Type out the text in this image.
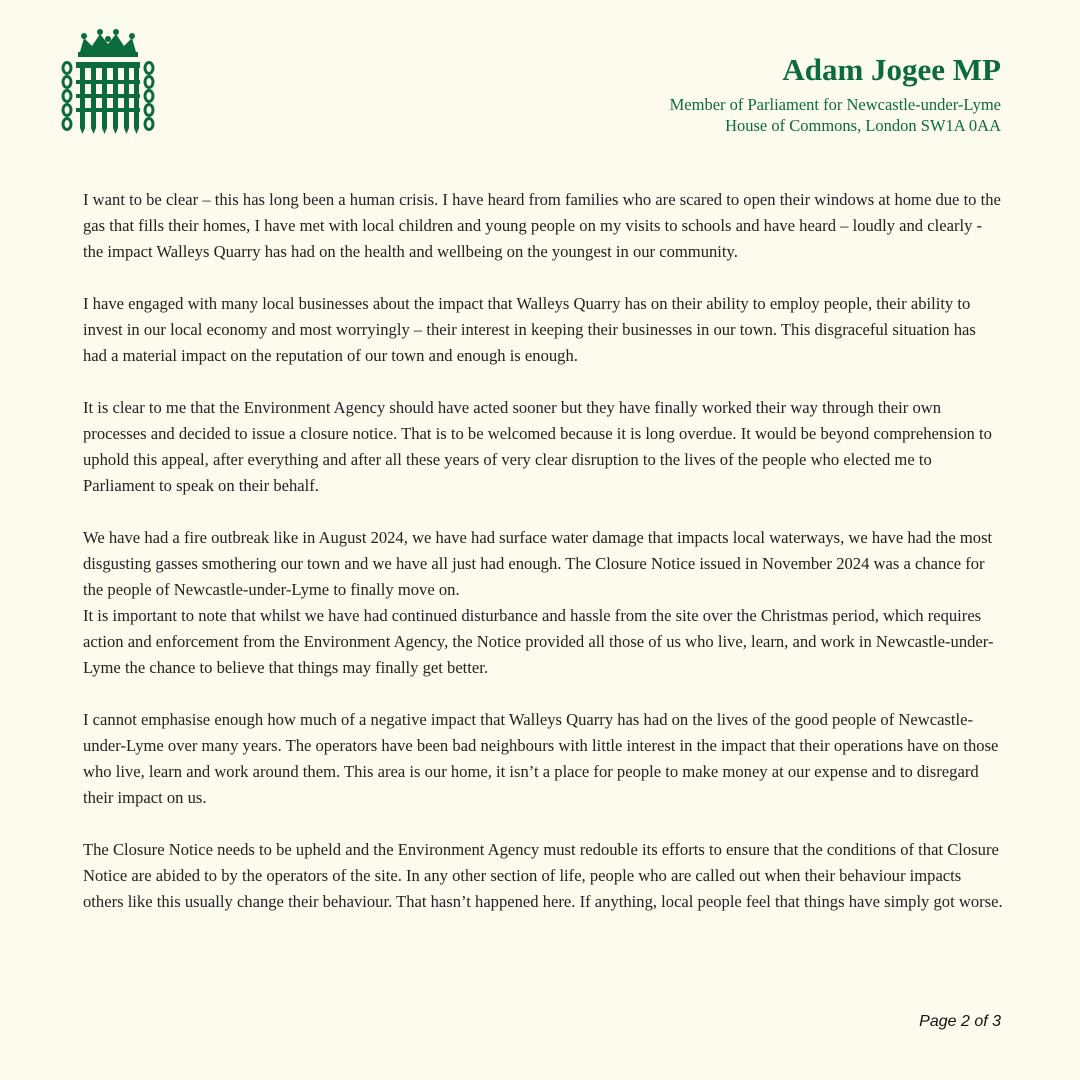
Adam Jogee MP
Member of Parliament for Newcastle-under-Lyme
House of Commons, London SW1A 0AA

I want to be clear – this has long been a human crisis. I have heard from families who are scared to open their windows at home due to the gas that fills their homes, I have met with local children and young people on my visits to schools and have heard – loudly and clearly - the impact Walleys Quarry has had on the health and wellbeing on the youngest in our community.

I have engaged with many local businesses about the impact that Walleys Quarry has on their ability to employ people, their ability to invest in our local economy and most worryingly – their interest in keeping their businesses in our town. This disgraceful situation has had a material impact on the reputation of our town and enough is enough.

It is clear to me that the Environment Agency should have acted sooner but they have finally worked their way through their own processes and decided to issue a closure notice. That is to be welcomed because it is long overdue. It would be beyond comprehension to uphold this appeal, after everything and after all these years of very clear disruption to the lives of the people who elected me to Parliament to speak on their behalf.

We have had a fire outbreak like in August 2024, we have had surface water damage that impacts local waterways, we have had the most disgusting gasses smothering our town and we have all just had enough. The Closure Notice issued in November 2024 was a chance for the people of Newcastle-under-Lyme to finally move on.

It is important to note that whilst we have had continued disturbance and hassle from the site over the Christmas period, which requires action and enforcement from the Environment Agency, the Notice provided all those of us who live, learn, and work in Newcastle-under-Lyme the chance to believe that things may finally get better.

I cannot emphasise enough how much of a negative impact that Walleys Quarry has had on the lives of the good people of Newcastle-under-Lyme over many years. The operators have been bad neighbours with little interest in the impact that their operations have on those who live, learn and work around them. This area is our home, it isn’t a place for people to make money at our expense and to disregard their impact on us.

The Closure Notice needs to be upheld and the Environment Agency must redouble its efforts to ensure that the conditions of that Closure Notice are abided to by the operators of the site. In any other section of life, people who are called out when their behaviour impacts others like this usually change their behaviour. That hasn’t happened here. If anything, local people feel that things have simply got worse.

Page 2 of 3
